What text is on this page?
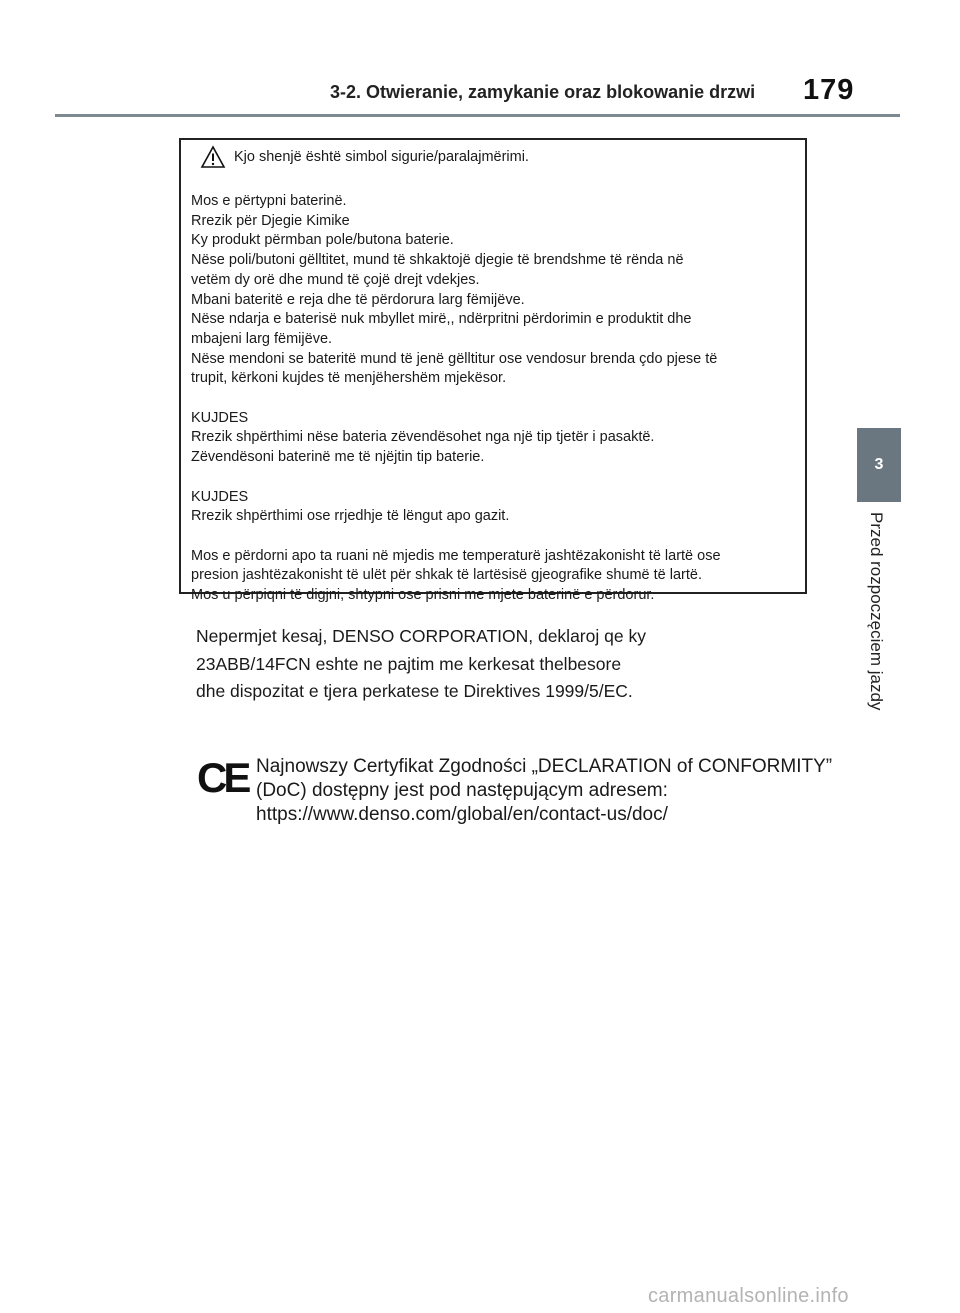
3-2. Otwieranie, zamykanie oraz blokowanie drzwi 179
3
Przed rozpoczęciem jazdy
Kjo shenjë është simbol sigurie/paralajmërimi.
Mos e përtypni baterinë.
Rrezik për Djegie Kimike
Ky produkt përmban pole/butona baterie.
Nëse poli/butoni gëlltitet, mund të shkaktojë djegie të brendshme të rënda në
vetëm dy orë dhe mund të çojë drejt vdekjes.
Mbani bateritë e reja dhe të përdorura larg fëmijëve.
Nëse ndarja e baterisë nuk mbyllet mirë,, ndërpritni përdorimin e produktit dhe
mbajeni larg fëmijëve.
Nëse mendoni se bateritë mund të jenë gëlltitur ose vendosur brenda çdo pjese të
trupit, kërkoni kujdes të menjëhershëm mjekësor.

KUJDES
Rrezik shpërthimi nëse bateria zëvendësohet nga një tip tjetër i pasaktë.
Zëvendësoni baterinë me të njëjtin tip baterie.

KUJDES
Rrezik shpërthimi ose rrjedhje të lëngut apo gazit.

Mos e përdorni apo ta ruani në mjedis me temperaturë jashtëzakonisht të lartë ose
presion jashtëzakonisht të ulët për shkak të lartësisë gjeografike shumë të lartë.
Mos u përpiqni të digjni, shtypni ose prisni me mjete baterinë e përdorur.
Nepermjet kesaj, DENSO CORPORATION, deklaroj qe ky
23ABB/14FCN eshte ne pajtim me kerkesat thelbesore
dhe dispozitat e tjera perkatese te Direktives 1999/5/EC.
CE Najnowszy Certyfikat Zgodności „DECLARATION of CONFORMITY”
(DoC) dostępny jest pod następującym adresem:
https://www.denso.com/global/en/contact-us/doc/
carmanualsonline.info
